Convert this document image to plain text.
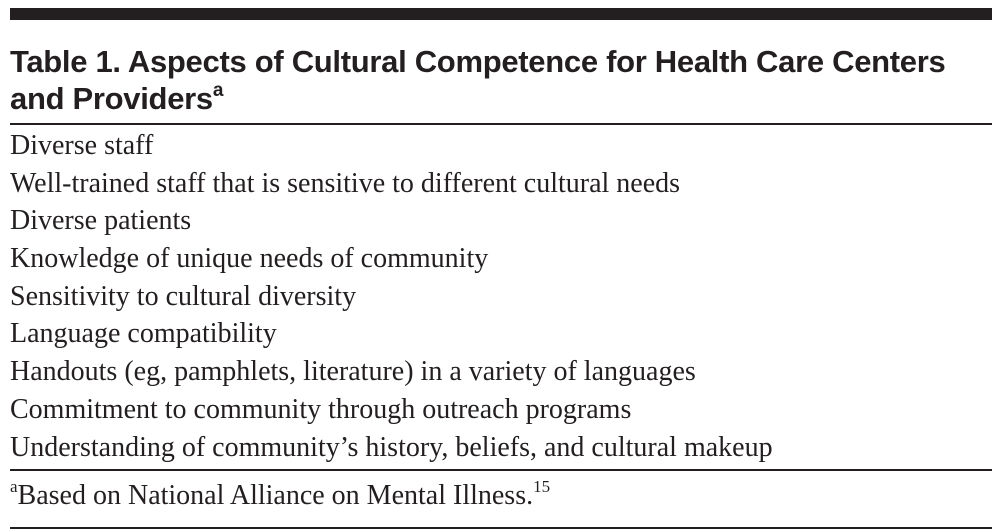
Table 1. Aspects of Cultural Competence for Health Care Centers and Providers$^a$
Diverse staff
Well-trained staff that is sensitive to different cultural needs
Diverse patients
Knowledge of unique needs of community
Sensitivity to cultural diversity
Language compatibility
Handouts (eg, pamphlets, literature) in a variety of languages
Commitment to community through outreach programs
Understanding of community’s history, beliefs, and cultural makeup
$^a$Based on National Alliance on Mental Illness.$^{15}$
